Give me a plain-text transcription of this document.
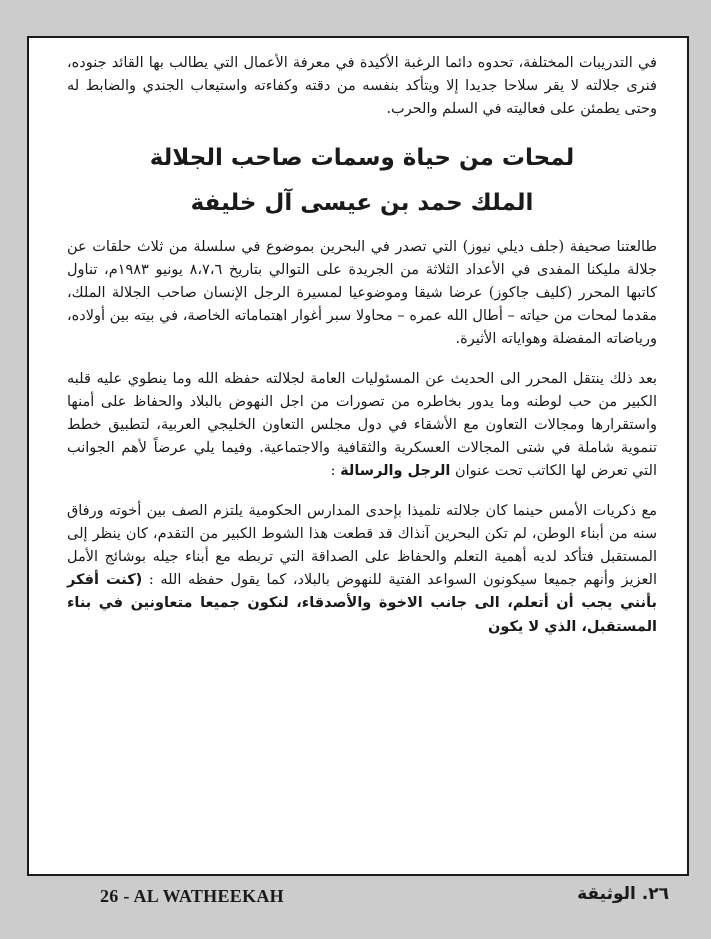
في التدريبات المختلفة، تحدوه دائما الرغبة الأكيدة في معرفة الأعمال التي يطالب بها القائد جنوده، فنرى جلالته لا يقر سلاحا جديدا إلا ويتأكد بنفسه من دقته وكفاءته واستيعاب الجندي والضابط له وحتى يطمئن على فعاليته في السلم والحرب.

لمحات من حياة وسمات صاحب الجلالة
الملك حمد بن عيسى آل خليفة

طالعتنا صحيفة (جلف ديلي نيوز) التي تصدر في البحرين بموضوع في سلسلة من ثلاث حلقات عن جلالة مليكنا المفدى في الأعداد الثلاثة من الجريدة على التوالي بتاريخ ٨،٧،٦ يونيو ١٩٨٣م، تناول كاتبها المحرر (كليف جاكوز) عرضا شيقا وموضوعيا لمسيرة الرجل الإنسان صاحب الجلالة الملك، مقدما لمحات من حياته – أطال الله عمره – محاولا سبر أغوار اهتماماته الخاصة، في بيته بين أولاده، ورياضاته المفضلة وهواياته الأثيرة.

بعد ذلك ينتقل المحرر الى الحديث عن المسئوليات العامة لجلالته حفظه الله وما ينطوي عليه قلبه الكبير من حب لوطنه وما يدور بخاطره من تصورات من اجل النهوض بالبلاد والحفاظ على أمنها واستقرارها ومجالات التعاون مع الأشقاء في دول مجلس التعاون الخليجي العربية، لتطبيق خطط تنموية شاملة في شتى المجالات العسكرية والثقافية والاجتماعية. وفيما يلي عرضاً لأهم الجوانب التي تعرض لها الكاتب تحت عنوان الرجل والرسالة :

مع ذكريات الأمس حينما كان جلالته تلميذا بإحدى المدارس الحكومية يلتزم الصف بين أخوته ورفاق سنه من أبناء الوطن، لم تكن البحرين آنذاك قد قطعت هذا الشوط الكبير من التقدم، كان ينظر إلى المستقبل فتأكد لديه أهمية التعلم والحفاظ على الصداقة التي تربطه مع أبناء جيله بوشائج الأمل العزيز وأنهم جميعا سيكونون السواعد الفتية للنهوض بالبلاد، كما يقول حفظه الله : (كنت أفكر بأنني يجب أن أتعلم، الى جانب الاخوة والأصدقاء، لنكون جميعا متعاونين في بناء المستقبل، الذي لا يكون

26 - AL WATHEEKAH	٢٦. الوثيقة
